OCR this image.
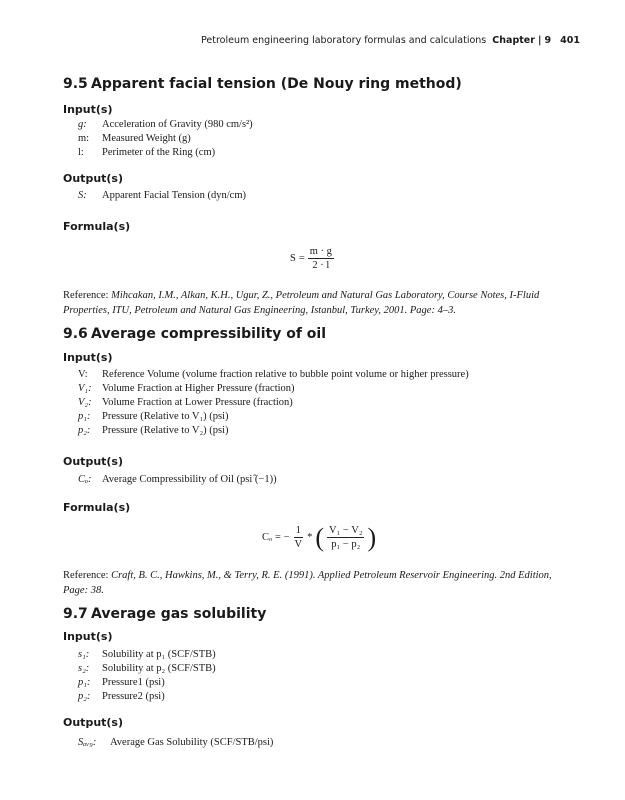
Petroleum engineering laboratory formulas and calculations Chapter | 9 401
9.5 Apparent facial tension (De Nouy ring method)
Input(s)
g: Acceleration of Gravity (980 cm/s²)
m: Measured Weight (g)
l: Perimeter of the Ring (cm)
Output(s)
S: Apparent Facial Tension (dyn/cm)
Formula(s)
$S = \frac{m \cdot g}{2 \cdot l}$
Reference: Mihcakan, I.M., Alkan, K.H., Ugur, Z., Petroleum and Natural Gas Laboratory, Course Notes, I-Fluid Properties, ITU, Petroleum and Natural Gas Engineering, Istanbul, Turkey, 2001. Page: 4–3.
9.6 Average compressibility of oil
Input(s)
V: Reference Volume (volume fraction relative to bubble point volume or higher pressure)
V₁: Volume Fraction at Higher Pressure (fraction)
V₂: Volume Fraction at Lower Pressure (fraction)
p₁: Pressure (Relative to V₁) (psi)
p₂: Pressure (Relative to V₂) (psi)
Output(s)
Cₒ: Average Compressibility of Oil (psi ̂(−1))
Formula(s)
Cₒ = − $\frac{1}{V}$ * ( $\frac{\text{V₁ − V₂}}{\text{p₁ − p₂}}$ )
Reference: Craft, B. C., Hawkins, M., & Terry, R. E. (1991). Applied Petroleum Reservoir Engineering. 2nd Edition, Page: 38.
9.7 Average gas solubility
Input(s)
s₁: Solubility at p₁ (SCF/STB)
s₂: Solubility at p₂ (SCF/STB)
p₁: Pressure1 (psi)
p₂: Pressure2 (psi)
Output(s)
Sₐᵥ₉: Average Gas Solubility (SCF/STB/psi)
